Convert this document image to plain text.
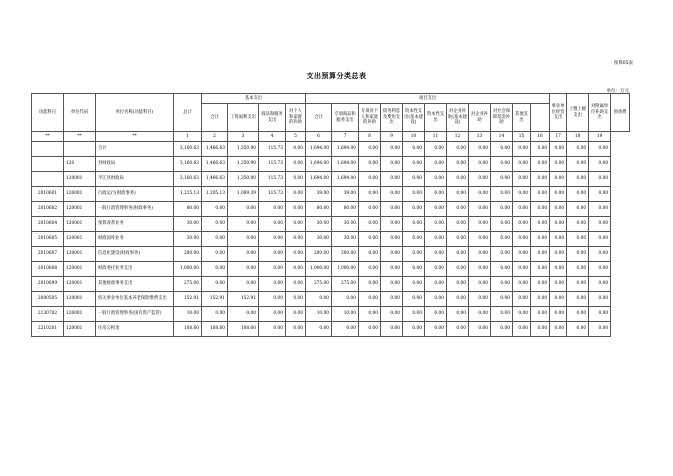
预算05表
支出预算分类总表
单位：万元
功能科目	单位代码	单位名称(功能科目)	总计	基本支出				项目支出											事业单位经营支出	上缴上级支出	对附属单位补助支出	预备费
				合计	工资福利支出	商品和服务支出	对个人和家庭的补助	合计	专项商品和服务支出	专项对个人和家庭的补助	债务利息及费用支出	资本性支出(基本建设)	资本性支出	对企业补助(基本建设)	对企业补助	对社会保障基金补助	其他支出					
**	**	**	1	2	3	4	5	6	7	8	9	10	11	12	13	14	15	16	17	18	19	
		合计	3,160.63	1,466.63	1,350.90	115.73	0.00	1,694.00	1,694.00	0.00	0.00	0.00	0.00	0.00	0.00	0.00	0.00	0.00	0.00	0.00	0.00	
	120	县财政局	3,160.63	1,466.63	1,350.90	115.73	0.00	1,694.00	1,694.00	0.00	0.00	0.00	0.00	0.00	0.00	0.00	0.00	0.00	0.00	0.00	0.00	
	120001	平江县财政局	3,160.63	1,466.63	1,350.90	115.73	0.00	1,694.00	1,694.00	0.00	0.00	0.00	0.00	0.00	0.00	0.00	0.00	0.00	0.00	0.00	0.00	
2010601	120001	行政运行(财政事务)	1,215.13	1,205.13	1,089.39	115.73	0.00	39.00	39.00	0.00	0.00	0.00	0.00	0.00	0.00	0.00	0.00	0.00	0.00	0.00	0.00	
2010602	120001	一般行政管理事务(财政事务)	80.00	0.00	0.00	0.00	0.00	80.00	80.00	0.00	0.00	0.00	0.00	0.00	0.00	0.00	0.00	0.00	0.00	0.00	0.00	
2010604	120001	预算改革业务	30.00	0.00	0.00	0.00	0.00	30.00	30.00	0.00	0.00	0.00	0.00	0.00	0.00	0.00	0.00	0.00	0.00	0.00	0.00	
2010605	120001	财政国库业务	30.00	0.00	0.00	0.00	0.00	30.00	30.00	0.00	0.00	0.00	0.00	0.00	0.00	0.00	0.00	0.00	0.00	0.00	0.00	
2010607	120001	信息化建设(财政事务)	200.00	0.00	0.00	0.00	0.00	200.00	200.00	0.00	0.00	0.00	0.00	0.00	0.00	0.00	0.00	0.00	0.00	0.00	0.00	
2010608	120001	财政委托业务支出	1,000.00	0.00	0.00	0.00	0.00	1,000.00	1,000.00	0.00	0.00	0.00	0.00	0.00	0.00	0.00	0.00	0.00	0.00	0.00	0.00	
2010699	120001	其他财政事务支出	275.00	0.00	0.00	0.00	0.00	275.00	275.00	0.00	0.00	0.00	0.00	0.00	0.00	0.00	0.00	0.00	0.00	0.00	0.00	
2080505	120001	机关事业单位基本养老保险缴费支出	152.91	152.91	152.91	0.00	0.00	0.00	0.00	0.00	0.00	0.00	0.00	0.00	0.00	0.00	0.00	0.00	0.00	0.00	0.00	
2130702	120001	一般行政管理事务(国有资产监管)	10.00	0.00	0.00	0.00	0.00	10.00	10.00	0.00	0.00	0.00	0.00	0.00	0.00	0.00	0.00	0.00	0.00	0.00	0.00	
2210201	120001	住房公积金	108.60	108.60	108.60	0.00	0.00	0.00	0.00	0.00	0.00	0.00	0.00	0.00	0.00	0.00	0.00	0.00	0.00	0.00	0.00	
